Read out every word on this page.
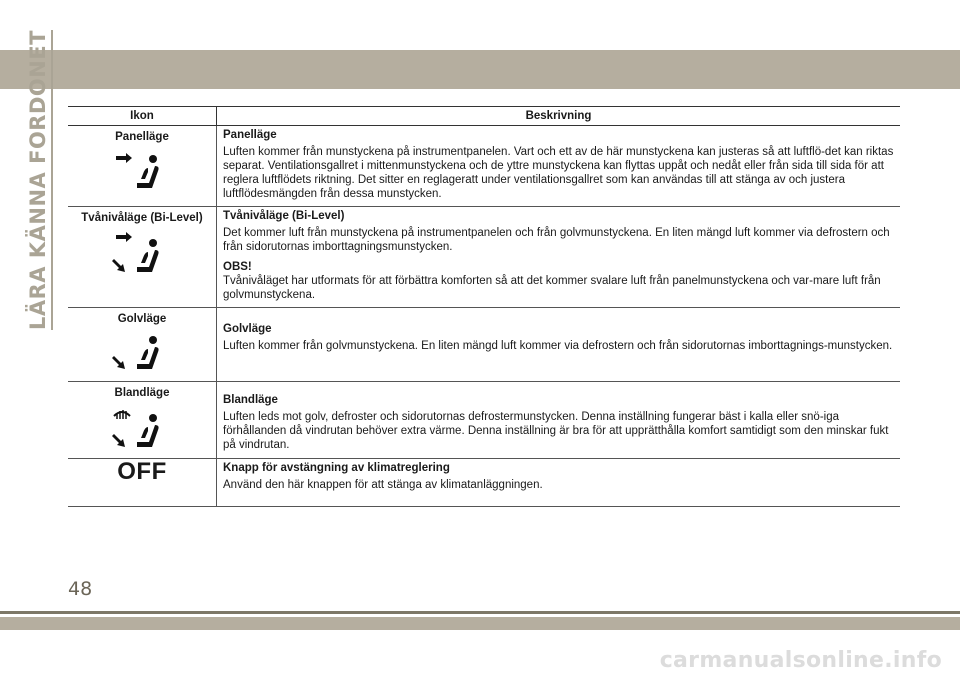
LÄRA KÄNNA FORDONET	Ikon	Beskrivning

Panelläge	Panelläge
Luften kommer från munstyckena på instrumentpanelen. Vart och ett av de här munstyckena kan justeras så att luftflö-det kan riktas separat. Ventilationsgallret i mittenmunstyckena och de yttre munstyckena kan flyttas uppåt och nedåt eller från sida till sida för att reglera luftflödets riktning. Det sitter en reglageratt under ventilationsgallret som kan användas till att stänga av och justera luftflödesmängden från dessa munstycken.

Tvånivåläge (Bi-Level)	Tvånivåläge (Bi-Level)
Det kommer luft från munstyckena på instrumentpanelen och från golvmunstyckena. En liten mängd luft kommer via defrostern och från sidorutornas imborttagningsmunstycken.
OBS!
Tvånivåläget har utformats för att förbättra komforten så att det kommer svalare luft från panelmunstyckena och var-mare luft från golvmunstyckena.

Golvläge	Golvläge
Luften kommer från golvmunstyckena. En liten mängd luft kommer via defrostern och från sidorutornas imborttagnings-munstycken.

Blandläge	Blandläge
Luften leds mot golv, defroster och sidorutornas defrostermunstycken. Denna inställning fungerar bäst i kalla eller snö-iga förhållanden då vindrutan behöver extra värme. Denna inställning är bra för att upprätthålla komfort samtidigt som den minskar fukt på vindrutan.

OFF	Knapp för avstängning av klimatreglering
Använd den här knappen för att stänga av klimatanläggningen.
48
carmanualsonline.info
